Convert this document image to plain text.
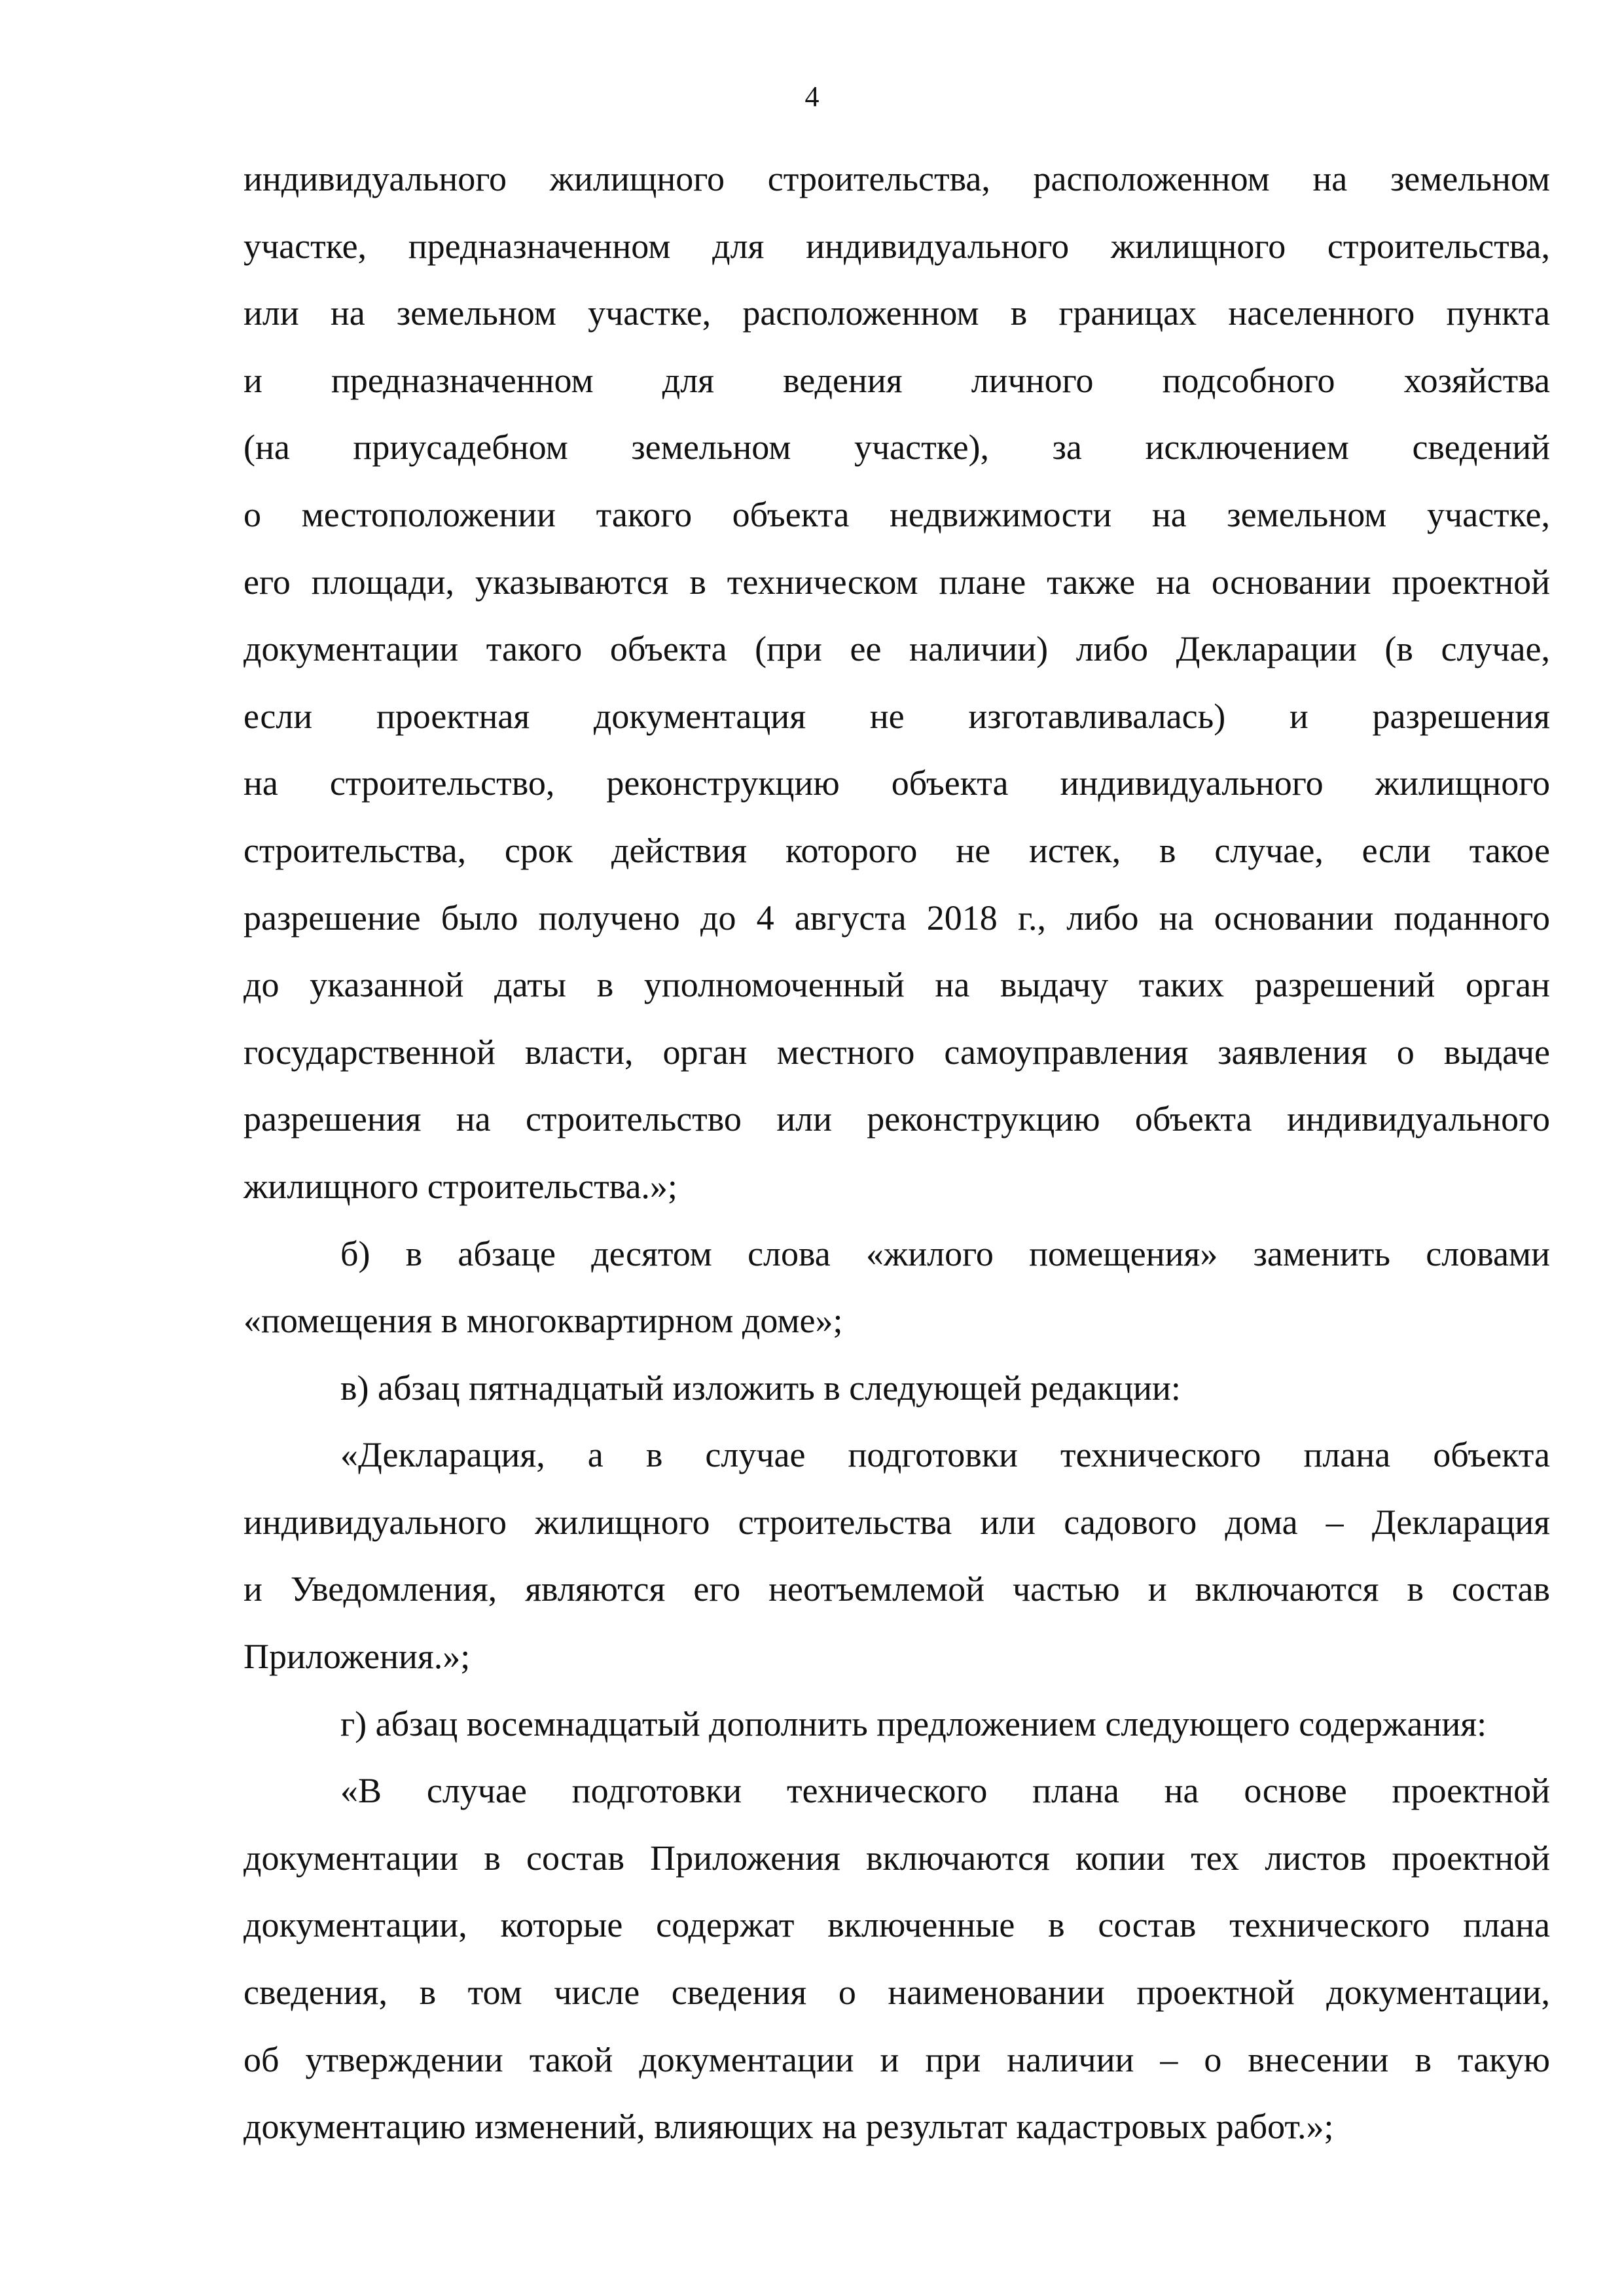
4
индивидуального жилищного строительства, расположенном на земельном
участке, предназначенном для индивидуального жилищного строительства,
или на земельном участке, расположенном в границах населенного пункта
и предназначенном для ведения личного подсобного хозяйства
(на приусадебном земельном участке), за исключением сведений
о местоположении такого объекта недвижимости на земельном участке,
его площади, указываются в техническом плане также на основании проектной
документации такого объекта (при ее наличии) либо Декларации (в случае,
если проектная документация не изготавливалась) и разрешения
на строительство, реконструкцию объекта индивидуального жилищного
строительства, срок действия которого не истек, в случае, если такое
разрешение было получено до 4 августа 2018 г., либо на основании поданного
до указанной даты в уполномоченный на выдачу таких разрешений орган
государственной власти, орган местного самоуправления заявления о выдаче
разрешения на строительство или реконструкцию объекта индивидуального
жилищного строительства.»;
б) в абзаце десятом слова «жилого помещения» заменить словами
«помещения в многоквартирном доме»;
в) абзац пятнадцатый изложить в следующей редакции:
«Декларация, а в случае подготовки технического плана объекта
индивидуального жилищного строительства или садового дома – Декларация
и Уведомления, являются его неотъемлемой частью и включаются в состав
Приложения.»;
г) абзац восемнадцатый дополнить предложением следующего содержания:
«В случае подготовки технического плана на основе проектной
документации в состав Приложения включаются копии тех листов проектной
документации, которые содержат включенные в состав технического плана
сведения, в том числе сведения о наименовании проектной документации,
об утверждении такой документации и при наличии – о внесении в такую
документацию изменений, влияющих на результат кадастровых работ.»;
